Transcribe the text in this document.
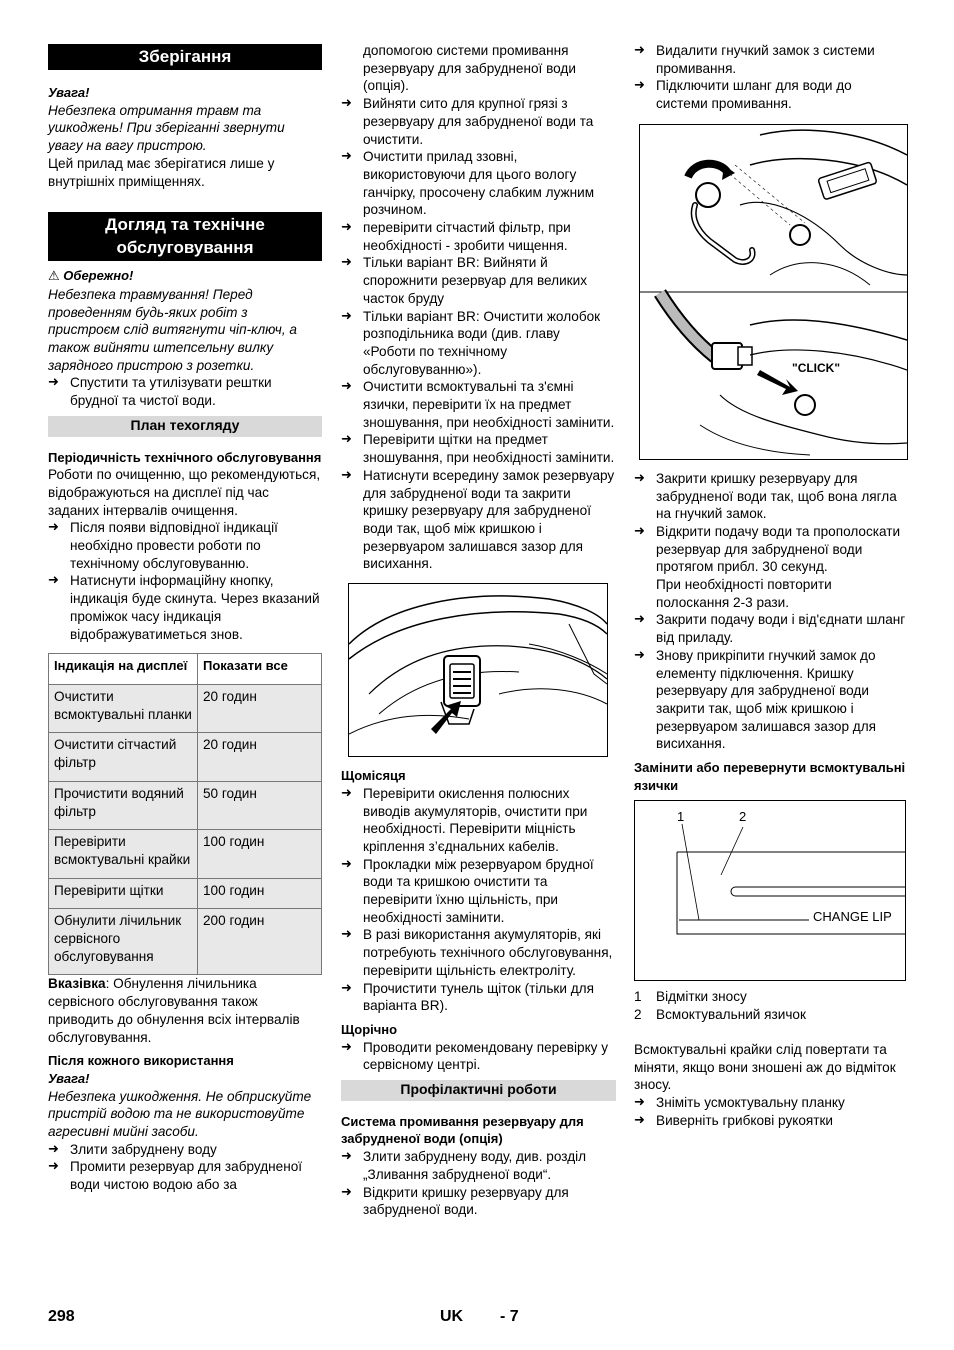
Зберігання

Увага!

Небезпека отримання травм та ушкоджень! При зберіганні звернути увагу на вагу пристрою.

Цей прилад має зберігатися лише у внутрішніх приміщеннях.

Догляд та технічне обслуговування

⚠ Обережно!

Небезпека травмування! Перед проведенням будь-яких робіт з пристроєм слід витягнути чіп-ключ, а також вийняти штепсельну вилку зарядного пристрою з розетки.

➜ Спустити та утилізувати рештки брудної та чистої води.

План техогляду

Періодичність технічного обслуговування

Роботи по очищенню, що рекомендуються, відображуються на дисплеї під час заданих інтервалів очищення.

➜ Після появи відповідної індикації необхідно провести роботи по технічному обслуговуванню.

➜ Натиснути інформаційну кнопку, індикація буде скинута. Через вказаний проміжок часу індикація відображуватиметься знов.

Індикація на дисплеї	Показати все
Очистити всмоктувальні планки	20 годин
Очистити сітчастий фільтр	20 годин
Прочистити водяний фільтр	50 годин
Перевірити всмоктувальні крайки	100 годин
Перевірити щітки	100 годин
Обнулити лічильник сервісного обслуговування	200 годин

Вказівка: Обнулення лічильника сервісного обслуговування також приводить до обнулення всіх інтервалів обслуговування.

Після кожного використання

Увага!

Небезпека ушкодження. Не обприскуйте пристрій водою та не використовуйте агресивні мийні засоби.

➜ Злити забруднену воду

➜ Промити резервуар для забрудненої води чистою водою або за

допомогою системи промивання резервуару для забрудненої води (опція).

➜ Вийняти сито для крупної грязі з резервуару для забрудненої води та очистити.

➜ Очистити прилад ззовні, використовуючи для цього вологу ганчірку, просочену слабким лужним розчином.

➜ перевірити сітчастий фільтр, при необхідності - зробити чищення.

➜ Тільки варіант BR: Вийняти й спорожнити резервуар для великих часток бруду

➜ Тільки варіант BR: Очистити жолобок розподільника води (див. главу «Роботи по технічному обслуговуванню»).

➜ Очистити всмоктувальні та з'ємні язички, перевірити їх на предмет зношування, при необхідності замінити.

➜ Перевірити щітки на предмет зношування, при необхідності замінити.

➜ Натиснути всередину замок резервуару для забрудненої води та закрити кришку резервуару для забрудненої води так, щоб між кришкою і резервуаром залишався зазор для висихання.

Щомісяця

➜ Перевірити окислення полюсних виводів акумуляторів, очистити при необхідності. Перевірити міцність кріплення з’єднальних кабелів.

➜ Прокладки між резервуаром брудної води та кришкою очистити та перевірити їхню щільність, при необхідності замінити.

➜ В разі використання акумуляторів, які потребують технічного обслуговування, перевірити щільність електроліту.

➜ Прочистити тунель щіток (тільки для варіанта BR).

Щорічно

➜ Проводити рекомендовану перевірку у сервісному центрі.

Профілактичні роботи

Система промивання резервуару для забрудненої води (опція)

➜ Злити забруднену воду, див. розділ „Зливання забрудненої води“.

➜ Відкрити кришку резервуару для забрудненої води.

➜ Видалити гнучкий замок з системи промивання.

➜ Підключити шланг для води до системи промивання.

"CLICK"

➜ Закрити кришку резервуару для забрудненої води так, щоб вона лягла на гнучкий замок.

➜ Відкрити подачу води та прополоскати резервуар для забрудненої води протягом прибл. 30 секунд.

При необхідності повторити полоскання 2-3 рази.

➜ Закрити подачу води і від'єднати шланг від приладу.

➜ Знову прикріпити гнучкий замок до елементу підключення. Кришку резервуару для забрудненої води закрити так, щоб між кришкою і резервуаром залишався зазор для висихання.

Замінити або перевернути всмоктувальні язички

1	2
CHANGE LIP
1	Відмітки зносу
2	Всмоктувальний язичок

Всмоктувальні крайки слід повертати та міняти, якщо вони зношені аж до відміток зносу.

➜ Зніміть усмоктувальну планку

➜ Виверніть грибкові рукоятки

298	UK - 7
